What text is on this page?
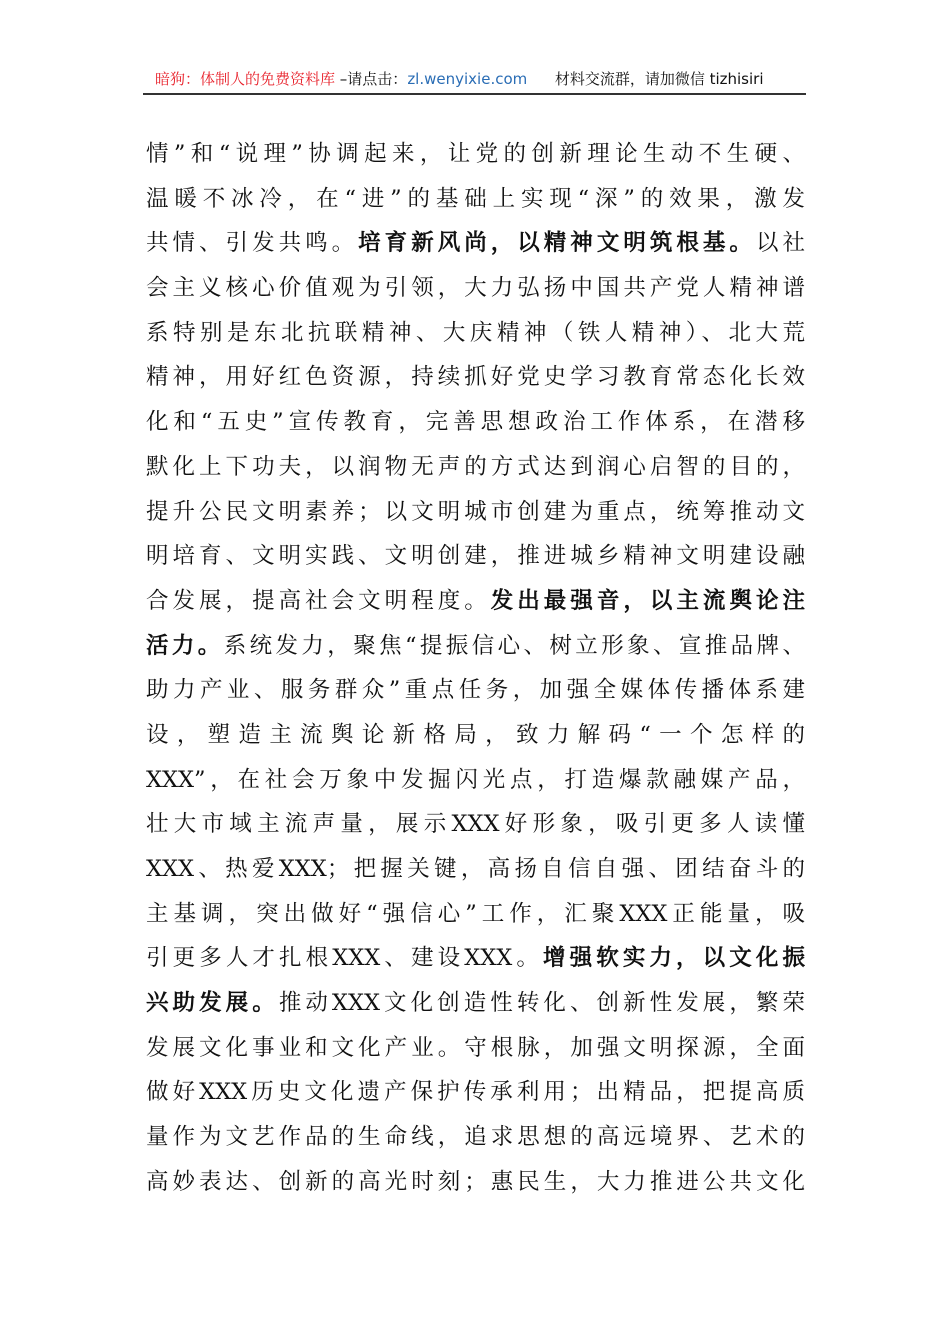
暗狗：体制人的免费资料库 –请点击：zl.wenyixie.com 材料交流群，请加微信 tizhisiri
情”和“说理”协调起来，让党的创新理论生动不生硬、
温暖不冰冷，在“进”的基础上实现“深”的效果，激发
共情、引发共鸣。培育新风尚，以精神文明筑根基。以社
会主义核心价值观为引领，大力弘扬中国共产党人精神谱
系特别是东北抗联精神、大庆精神（铁人精神）、北大荒
精神，用好红色资源，持续抓好党史学习教育常态化长效
化和“五史”宣传教育，完善思想政治工作体系，在潜移
默化上下功夫，以润物无声的方式达到润心启智的目的，
提升公民文明素养；以文明城市创建为重点，统筹推动文
明培育、文明实践、文明创建，推进城乡精神文明建设融
合发展，提高社会文明程度。发出最强音，以主流舆论注
活力。系统发力，聚焦“提振信心、树立形象、宣推品牌、
助力产业、服务群众”重点任务，加强全媒体传播体系建
设，塑造主流舆论新格局，致力解码“一个怎样的
XXX”，在社会万象中发掘闪光点，打造爆款融媒产品，
壮大市域主流声量，展示XXX好形象，吸引更多人读懂
XXX、热爱XXX；把握关键，高扬自信自强、团结奋斗的
主基调，突出做好“强信心”工作，汇聚XXX正能量，吸
引更多人才扎根XXX、建设XXX。增强软实力，以文化振
兴助发展。推动XXX文化创造性转化、创新性发展，繁荣
发展文化事业和文化产业。守根脉，加强文明探源，全面
做好XXX历史文化遗产保护传承利用；出精品，把提高质
量作为文艺作品的生命线，追求思想的高远境界、艺术的
高妙表达、创新的高光时刻；惠民生，大力推进公共文化
